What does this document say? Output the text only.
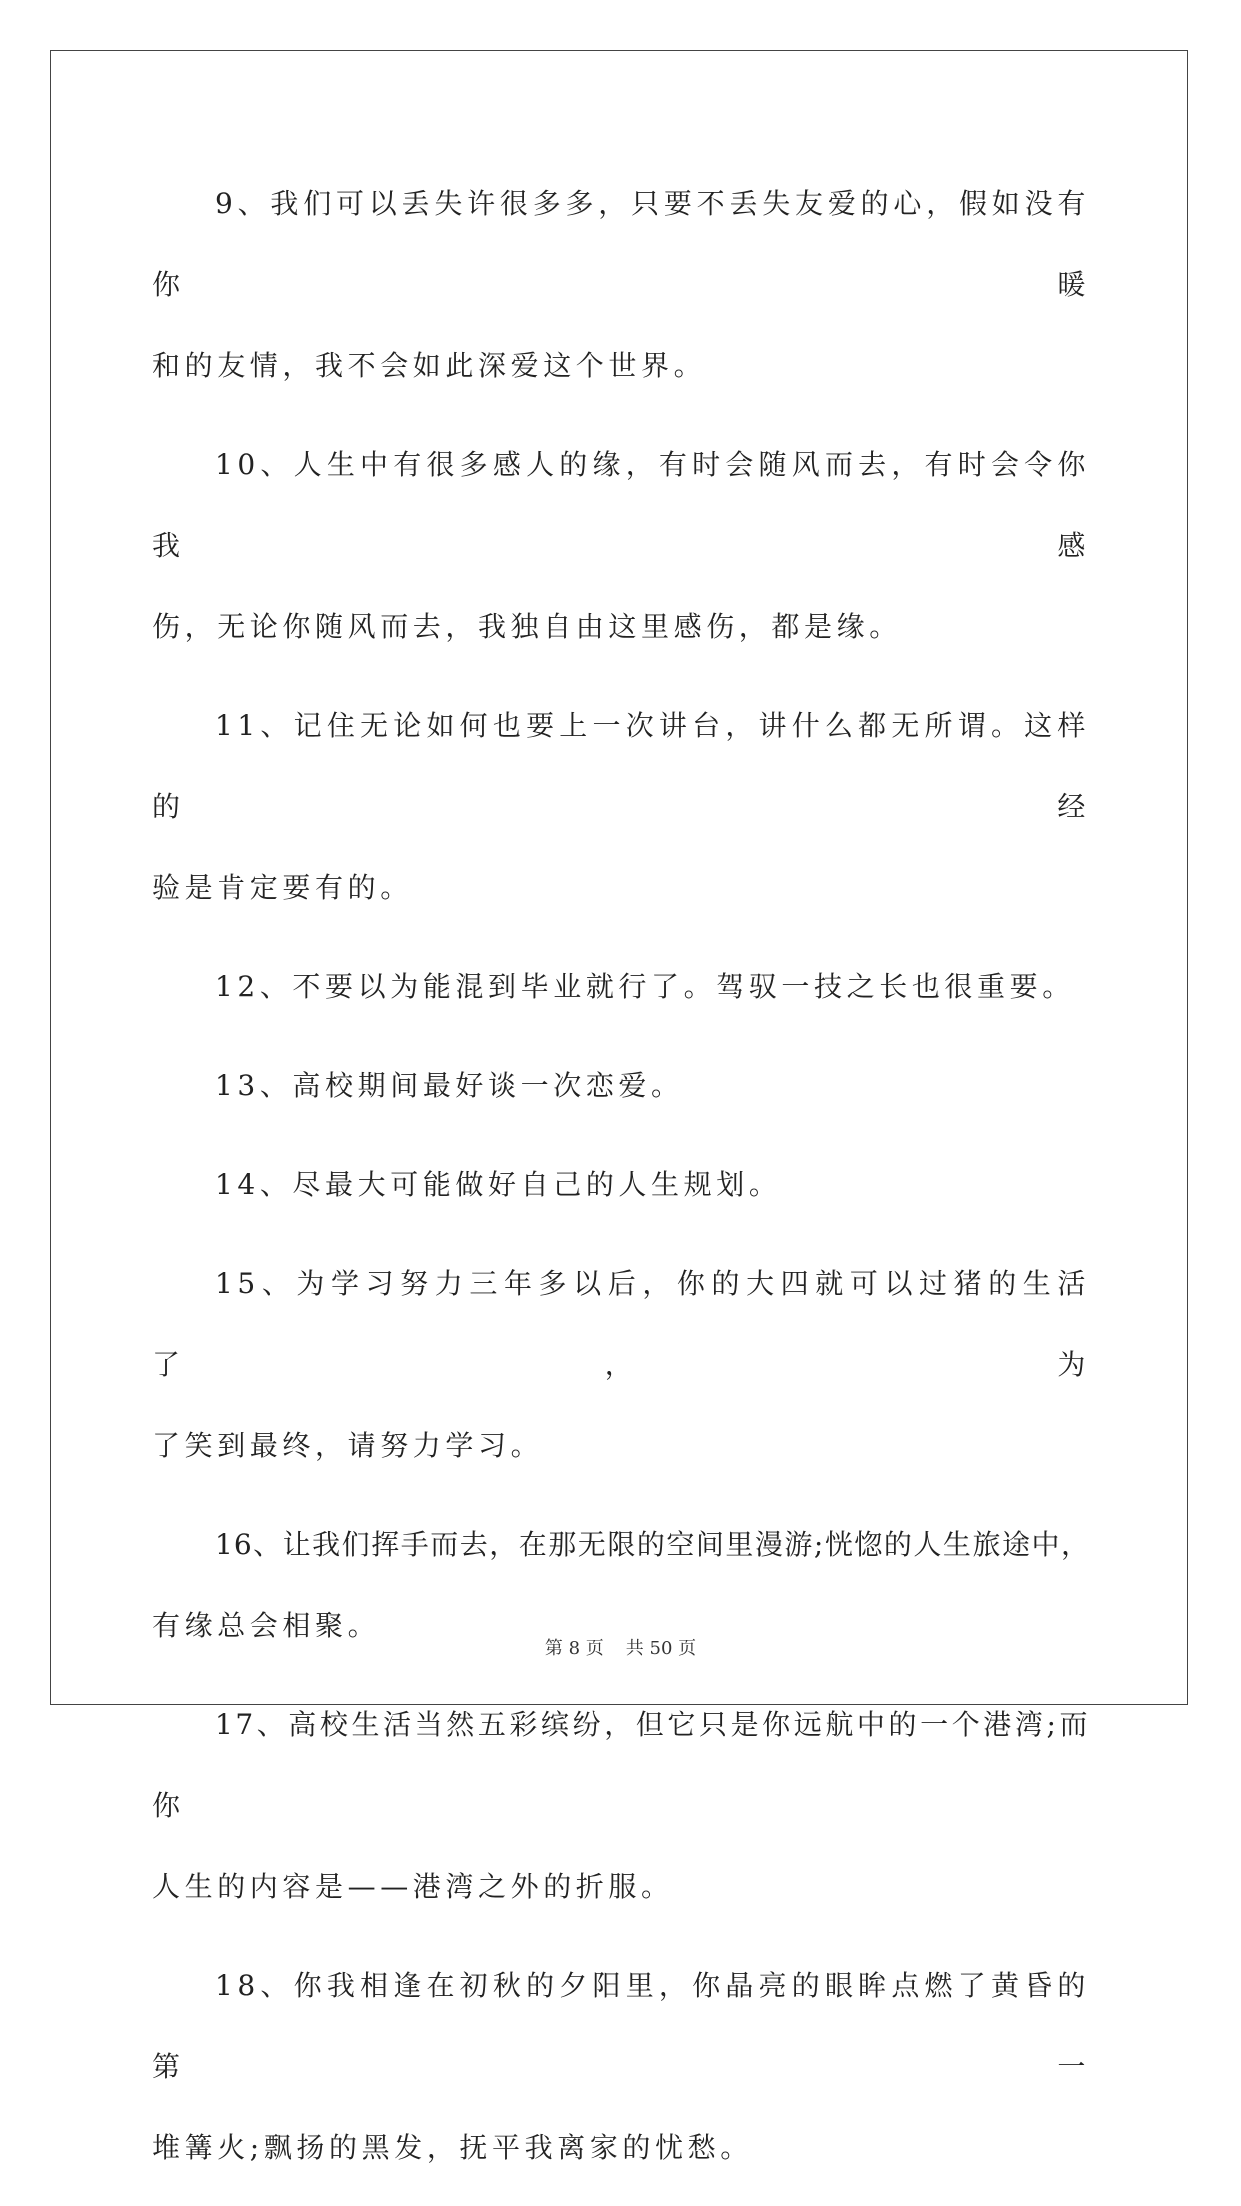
9、我们可以丢失许很多多，只要不丢失友爱的心，假如没有你暖
和的友情，我不会如此深爱这个世界。
10、人生中有很多感人的缘，有时会随风而去，有时会令你我感
伤，无论你随风而去，我独自由这里感伤，都是缘。
11、记住无论如何也要上一次讲台，讲什么都无所谓。这样的经
验是肯定要有的。
12、不要以为能混到毕业就行了。驾驭一技之长也很重要。
13、高校期间最好谈一次恋爱。
14、尽最大可能做好自己的人生规划。
15、为学习努力三年多以后，你的大四就可以过猪的生活了，为
了笑到最终，请努力学习。
16、让我们挥手而去，在那无限的空间里漫游;恍惚的人生旅途中，
有缘总会相聚。
17、高校生活当然五彩缤纷，但它只是你远航中的一个港湾;而你
人生的内容是——港湾之外的折服。
18、你我相逢在初秋的夕阳里，你晶亮的眼眸点燃了黄昏的第一
堆篝火;飘扬的黑发，抚平我离家的忧愁。
第 8 页 共 50 页
